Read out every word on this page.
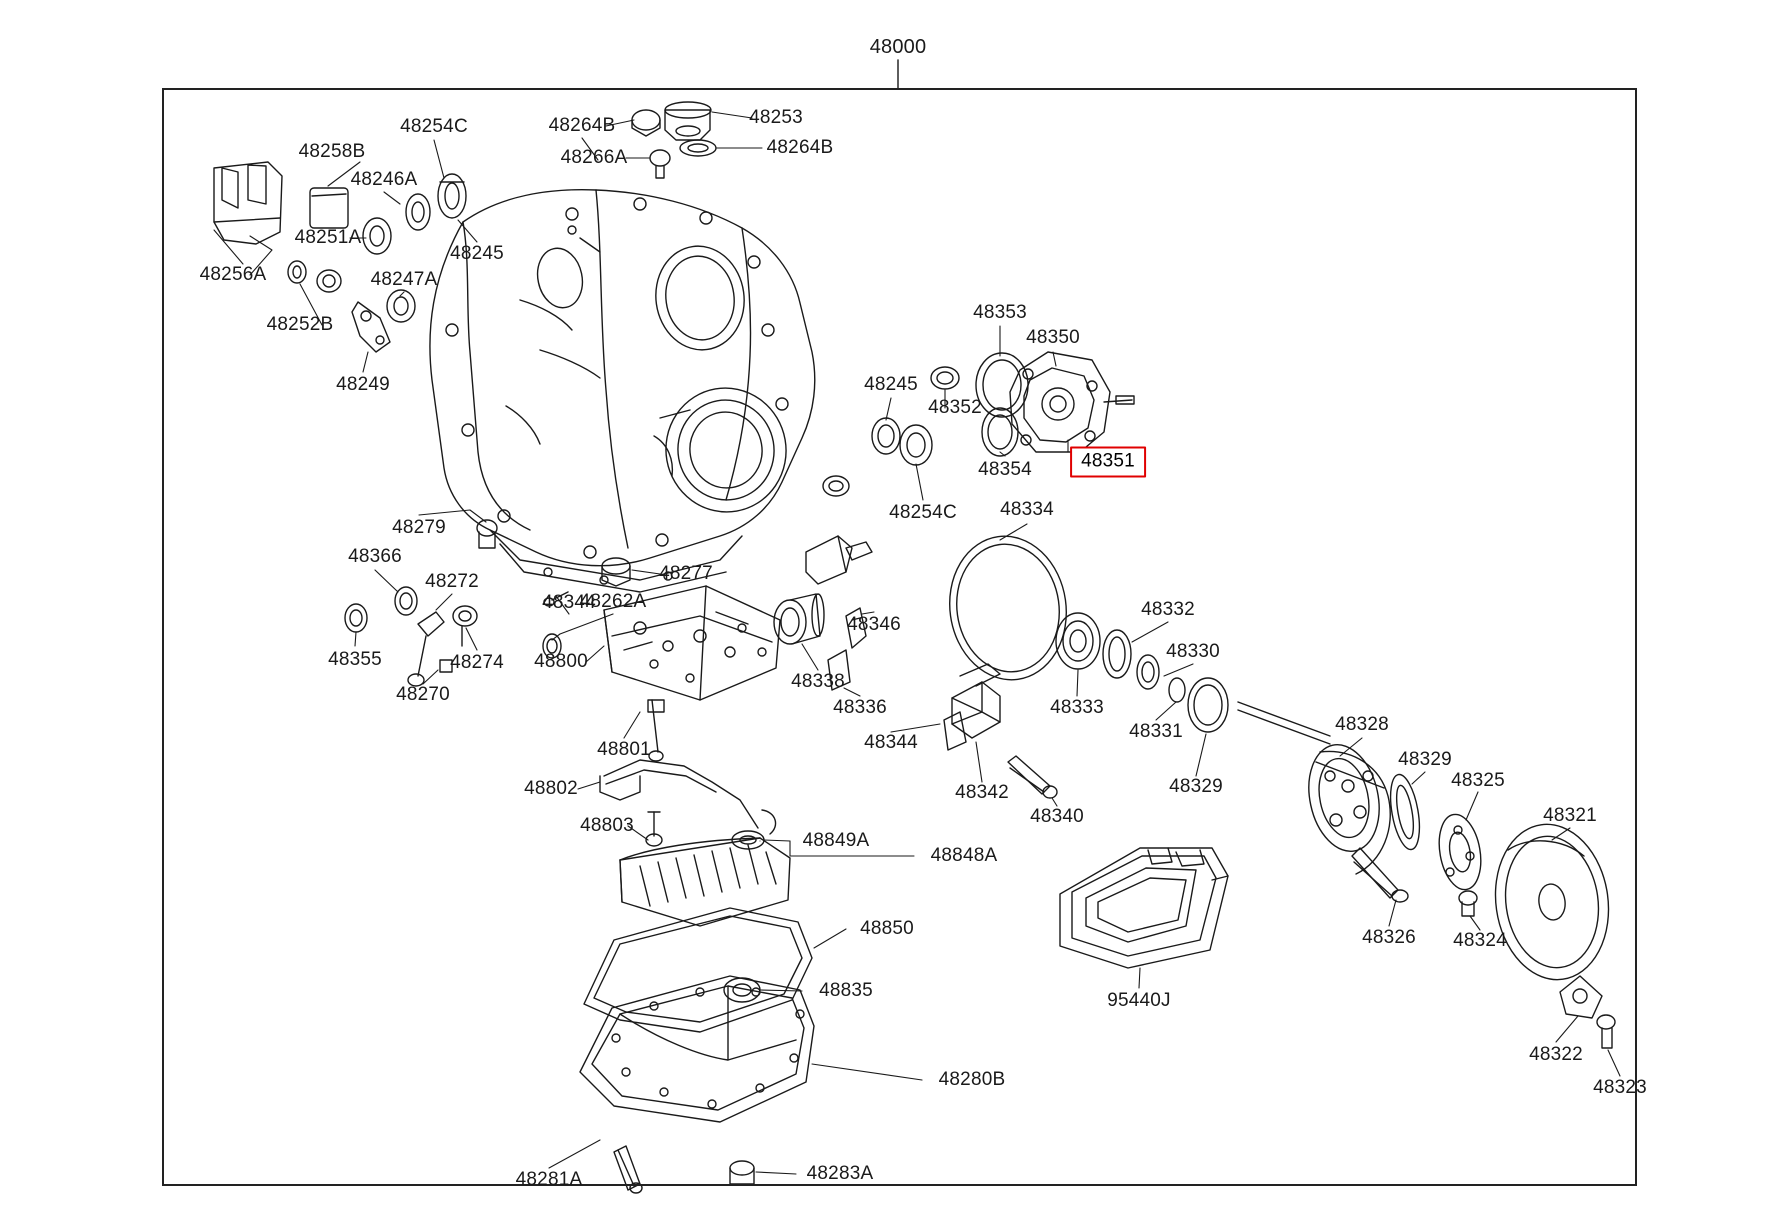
48000
48254C	48264B	48253
48258B	48266A	48264B
48246A
48251A
48245
48247A
48256A
48252B
48249
48353
48350
48245
48352
48354	48351
48254C 48334
48279
48366
48272	48277
48262A
48344	48332
48346
48330
48355	48274 48800
48338
48270
48336	48333
48331	48328
48344
48329
48325
48329
48801
48342
48802
48340	48321
48803
48849A
48848A
48850	48326 48324
48835	95440J
48322
48280B	48323
48281A	48283A
